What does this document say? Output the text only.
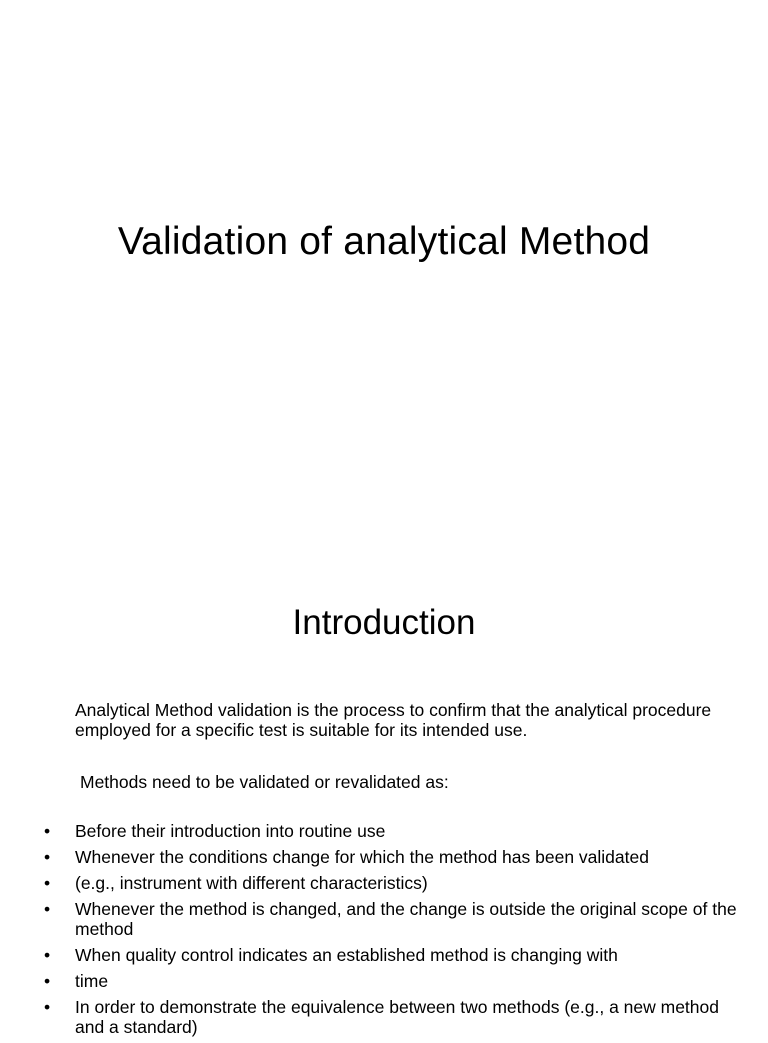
Validation of analytical Method
Introduction
Analytical Method validation is the process to confirm that the analytical procedure employed for a specific test is suitable for its intended use.
Methods need to be validated or revalidated as:
• Before their introduction into routine use
• Whenever the conditions change for which the method has been validated
• (e.g., instrument with different characteristics)
• Whenever the method is changed, and the change is outside the original scope of the method
• When quality control indicates an established method is changing with
• time
• In order to demonstrate the equivalence between two methods (e.g., a new method and a standard)
